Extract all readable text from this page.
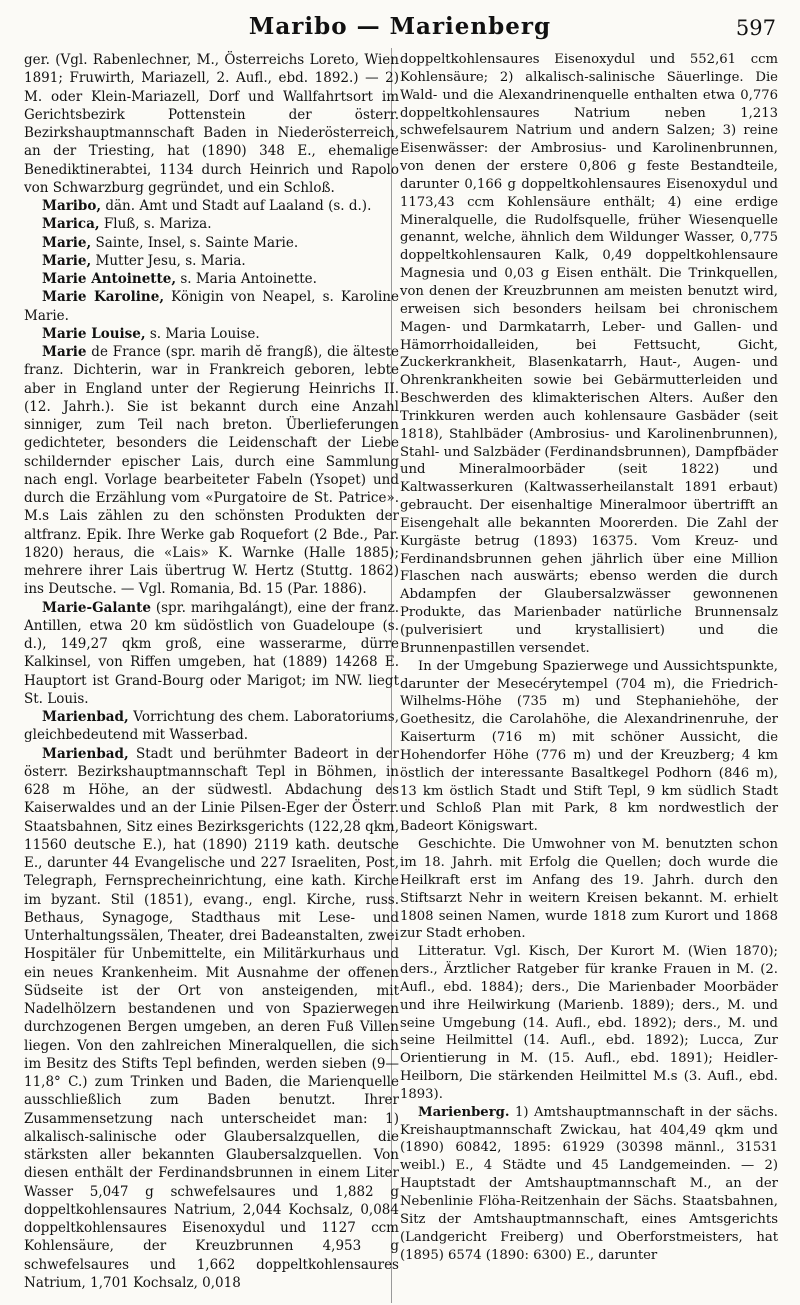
Maribo — Marienberg	597

ger. (Vgl. Rabenlechner, M., Österreichs Loreto, Wien 1891; Fruwirth, Mariazell, 2. Aufl., ebd. 1892.) — 2) M. oder Klein-Mariazell, Dorf und Wallfahrtsort im Gerichtsbezirk Pottenstein der österr. Bezirkshauptmannschaft Baden in Niederösterreich, an der Triesting, hat (1890) 348 E., ehemalige Benediktinerabtei, 1134 durch Heinrich und Rapolo von Schwarzburg gegründet, und ein Schloß.

Maribo, dän. Amt und Stadt auf Laaland (s. d.).

Marica, Fluß, s. Mariza.

Marie, Sainte, Insel, s. Sainte Marie.

Marie, Mutter Jesu, s. Maria.

Marie Antoinette, s. Maria Antoinette.

Marie Karoline, Königin von Neapel, s. Karoline Marie.

Marie Louise, s. Maria Louise.

Marie de France (spr. marih dĕ frangß), die älteste franz. Dichterin, war in Frankreich geboren, lebte aber in England unter der Regierung Heinrichs II. (12. Jahrh.). Sie ist bekannt durch eine Anzahl sinniger, zum Teil nach breton. Überlieferungen gedichteter, besonders die Leidenschaft der Liebe schildernder epischer Lais, durch eine Sammlung nach engl. Vorlage bearbeiteter Fabeln (Ysopet) und durch die Erzählung vom «Purgatoire de St. Patrice». M.s Lais zählen zu den schönsten Produkten der altfranz. Epik. Ihre Werke gab Roquefort (2 Bde., Par. 1820) heraus, die «Lais» K. Warnke (Halle 1885); mehrere ihrer Lais übertrug W. Hertz (Stuttg. 1862) ins Deutsche. — Vgl. Romania, Bd. 15 (Par. 1886).

Marie-Galante (spr. marihgalángt), eine der franz. Antillen, etwa 20 km südöstlich von Guadeloupe (s. d.), 149,27 qkm groß, eine wasserarme, dürre Kalkinsel, von Riffen umgeben, hat (1889) 14268 E. Hauptort ist Grand-Bourg oder Marigot; im NW. liegt St. Louis.

Marienbad, Vorrichtung des chem. Laboratoriums, gleichbedeutend mit Wasserbad.

Marienbad, Stadt und berühmter Badeort in der österr. Bezirkshauptmannschaft Tepl in Böhmen, in 628 m Höhe, an der südwestl. Abdachung des Kaiserwaldes und an der Linie Pilsen-Eger der Österr. Staatsbahnen, Sitz eines Bezirksgerichts (122,28 qkm, 11560 deutsche E.), hat (1890) 2119 kath. deutsche E., darunter 44 Evangelische und 227 Israeliten, Post, Telegraph, Fernsprecheinrichtung, eine kath. Kirche im byzant. Stil (1851), evang., engl. Kirche, russ. Bethaus, Synagoge, Stadthaus mit Lese- und Unterhaltungssälen, Theater, drei Badeanstalten, zwei Hospitäler für Unbemittelte, ein Militärkurhaus und ein neues Krankenheim. Mit Ausnahme der offenen Südseite ist der Ort von ansteigenden, mit Nadelhölzern bestandenen und von Spazierwegen durchzogenen Bergen umgeben, an deren Fuß Villen liegen. Von den zahlreichen Mineralquellen, die sich im Besitz des Stifts Tepl befinden, werden sieben (9—11,8° C.) zum Trinken und Baden, die Marienquelle ausschließlich zum Baden benutzt. Ihrer Zusammensetzung nach unterscheidet man: 1) alkalisch-salinische oder Glaubersalzquellen, die stärksten aller bekannten Glaubersalzquellen. Von diesen enthält der Ferdinandsbrunnen in einem Liter Wasser 5,047 g schwefelsaures und 1,882 g doppeltkohlensaures Natrium, 2,044 Kochsalz, 0,084 doppeltkohlensaures Eisenoxydul und 1127 ccm Kohlensäure, der Kreuzbrunnen 4,953 g schwefelsaures und 1,662 doppeltkohlensaures Natrium, 1,701 Kochsalz, 0,018

doppeltkohlensaures Eisenoxydul und 552,61 ccm Kohlensäure; 2) alkalisch-salinische Säuerlinge. Die Wald- und die Alexandrinenquelle enthalten etwa 0,776 doppeltkohlensaures Natrium neben 1,213 schwefelsaurem Natrium und andern Salzen; 3) reine Eisenwässer: der Ambrosius- und Karolinenbrunnen, von denen der erstere 0,806 g feste Bestandteile, darunter 0,166 g doppeltkohlensaures Eisenoxydul und 1173,43 ccm Kohlensäure enthält; 4) eine erdige Mineralquelle, die Rudolfsquelle, früher Wiesenquelle genannt, welche, ähnlich dem Wildunger Wasser, 0,775 doppeltkohlensauren Kalk, 0,49 doppeltkohlensaure Magnesia und 0,03 g Eisen enthält. Die Trinkquellen, von denen der Kreuzbrunnen am meisten benutzt wird, erweisen sich besonders heilsam bei chronischem Magen- und Darmkatarrh, Leber- und Gallen- und Hämorrhoidalleiden, bei Fettsucht, Gicht, Zuckerkrankheit, Blasenkatarrh, Haut-, Augen- und Ohrenkrankheiten sowie bei Gebärmutterleiden und Beschwerden des klimakterischen Alters. Außer den Trinkkuren werden auch kohlensaure Gasbäder (seit 1818), Stahlbäder (Ambrosius- und Karolinenbrunnen), Stahl- und Salzbäder (Ferdinandsbrunnen), Dampfbäder und Mineralmoorbäder (seit 1822) und Kaltwasserkuren (Kaltwasserheilanstalt 1891 erbaut) gebraucht. Der eisenhaltige Mineralmoor übertrifft an Eisengehalt alle bekannten Moorerden. Die Zahl der Kurgäste betrug (1893) 16375. Vom Kreuz- und Ferdinandsbrunnen gehen jährlich über eine Million Flaschen nach auswärts; ebenso werden die durch Abdampfen der Glaubersalzwässer gewonnenen Produkte, das Marienbader natürliche Brunnensalz (pulverisiert und krystallisiert) und die Brunnenpastillen versendet.

In der Umgebung Spazierwege und Aussichtspunkte, darunter der Mesecérytempel (704 m), die Friedrich-Wilhelms-Höhe (735 m) und Stephaniehöhe, der Goethesitz, die Carolahöhe, die Alexandrinenruhe, der Kaiserturm (716 m) mit schöner Aussicht, die Hohendorfer Höhe (776 m) und der Kreuzberg; 4 km östlich der interessante Basaltkegel Podhorn (846 m), 13 km östlich Stadt und Stift Tepl, 9 km südlich Stadt und Schloß Plan mit Park, 8 km nordwestlich der Badeort Königswart.

Geschichte. Die Umwohner von M. benutzten schon im 18. Jahrh. mit Erfolg die Quellen; doch wurde die Heilkraft erst im Anfang des 19. Jahrh. durch den Stiftsarzt Nehr in weitern Kreisen bekannt. M. erhielt 1808 seinen Namen, wurde 1818 zum Kurort und 1868 zur Stadt erhoben.

Litteratur. Vgl. Kisch, Der Kurort M. (Wien 1870); ders., Ärztlicher Ratgeber für kranke Frauen in M. (2. Aufl., ebd. 1884); ders., Die Marienbader Moorbäder und ihre Heilwirkung (Marienb. 1889); ders., M. und seine Umgebung (14. Aufl., ebd. 1892); ders., M. und seine Heilmittel (14. Aufl., ebd. 1892); Lucca, Zur Orientierung in M. (15. Aufl., ebd. 1891); Heidler-Heilborn, Die stärkenden Heilmittel M.s (3. Aufl., ebd. 1893).

Marienberg. 1) Amtshauptmannschaft in der sächs. Kreishauptmannschaft Zwickau, hat 404,49 qkm und (1890) 60842, 1895: 61929 (30398 männl., 31531 weibl.) E., 4 Städte und 45 Landgemeinden. — 2) Hauptstadt der Amtshauptmannschaft M., an der Nebenlinie Flöha-Reitzenhain der Sächs. Staatsbahnen, Sitz der Amtshauptmannschaft, eines Amtsgerichts (Landgericht Freiberg) und Oberforstmeisters, hat (1895) 6574 (1890: 6300) E., darunter
